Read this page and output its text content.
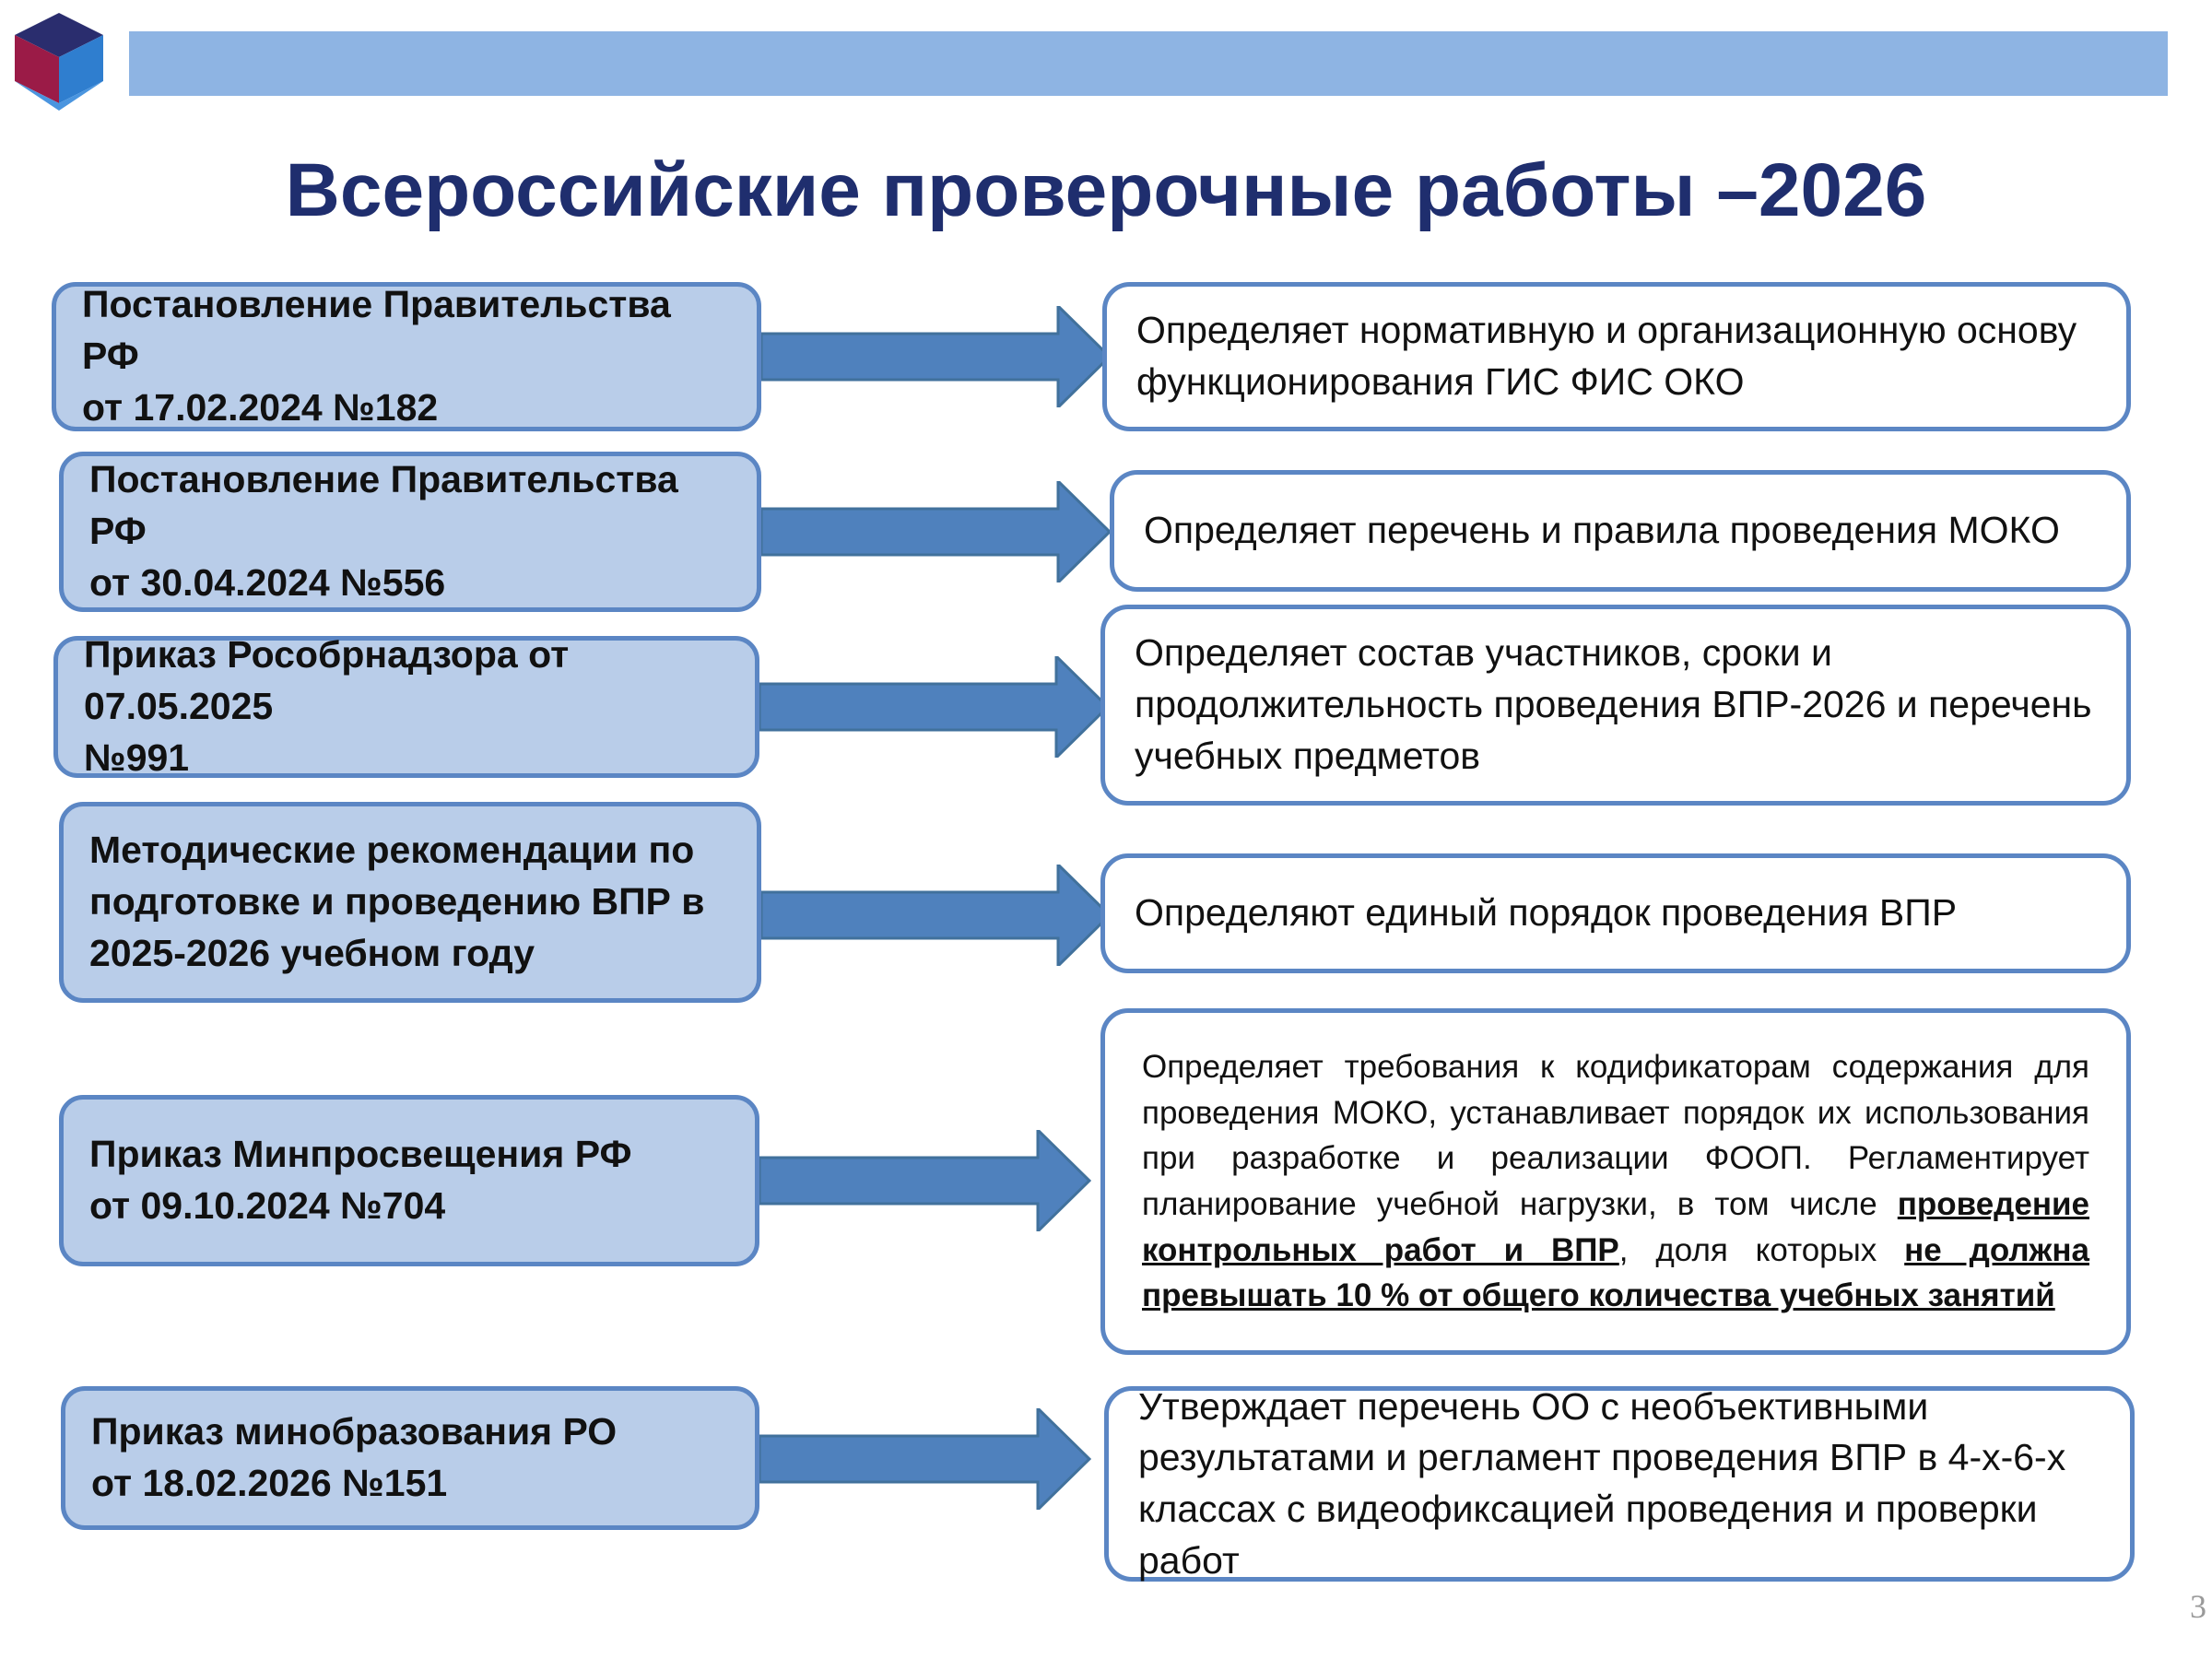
Всероссийские проверочные работы –2026
Постановление Правительства РФ
от 17.02.2024 №182
Определяет нормативную и организационную основу функционирования ГИС ФИС ОКО
Постановление Правительства РФ
от 30.04.2024 №556
Определяет перечень и правила проведения МОКО
Приказ Рособрнадзора от 07.05.2025
№991
Определяет состав участников, сроки и продолжительность проведения ВПР-2026 и перечень учебных предметов
Методические рекомендации по
подготовке и проведению ВПР в
2025-2026 учебном году
Определяют единый порядок проведения ВПР
Приказ Минпросвещения РФ
от 09.10.2024 №704
Определяет требования к кодификаторам содержания для проведения МОКО, устанавливает порядок их использования при разработке и реализации ФООП. Регламентирует планирование учебной нагрузки, в том числе проведение контрольных работ и ВПР, доля которых не должна превышать 10 % от общего количества учебных занятий
Приказ минобразования РО
от 18.02.2026 №151
Утверждает перечень ОО с необъективными результатами и регламент проведения ВПР в 4-х-6-х классах с видеофиксацией проведения и проверки работ
3
